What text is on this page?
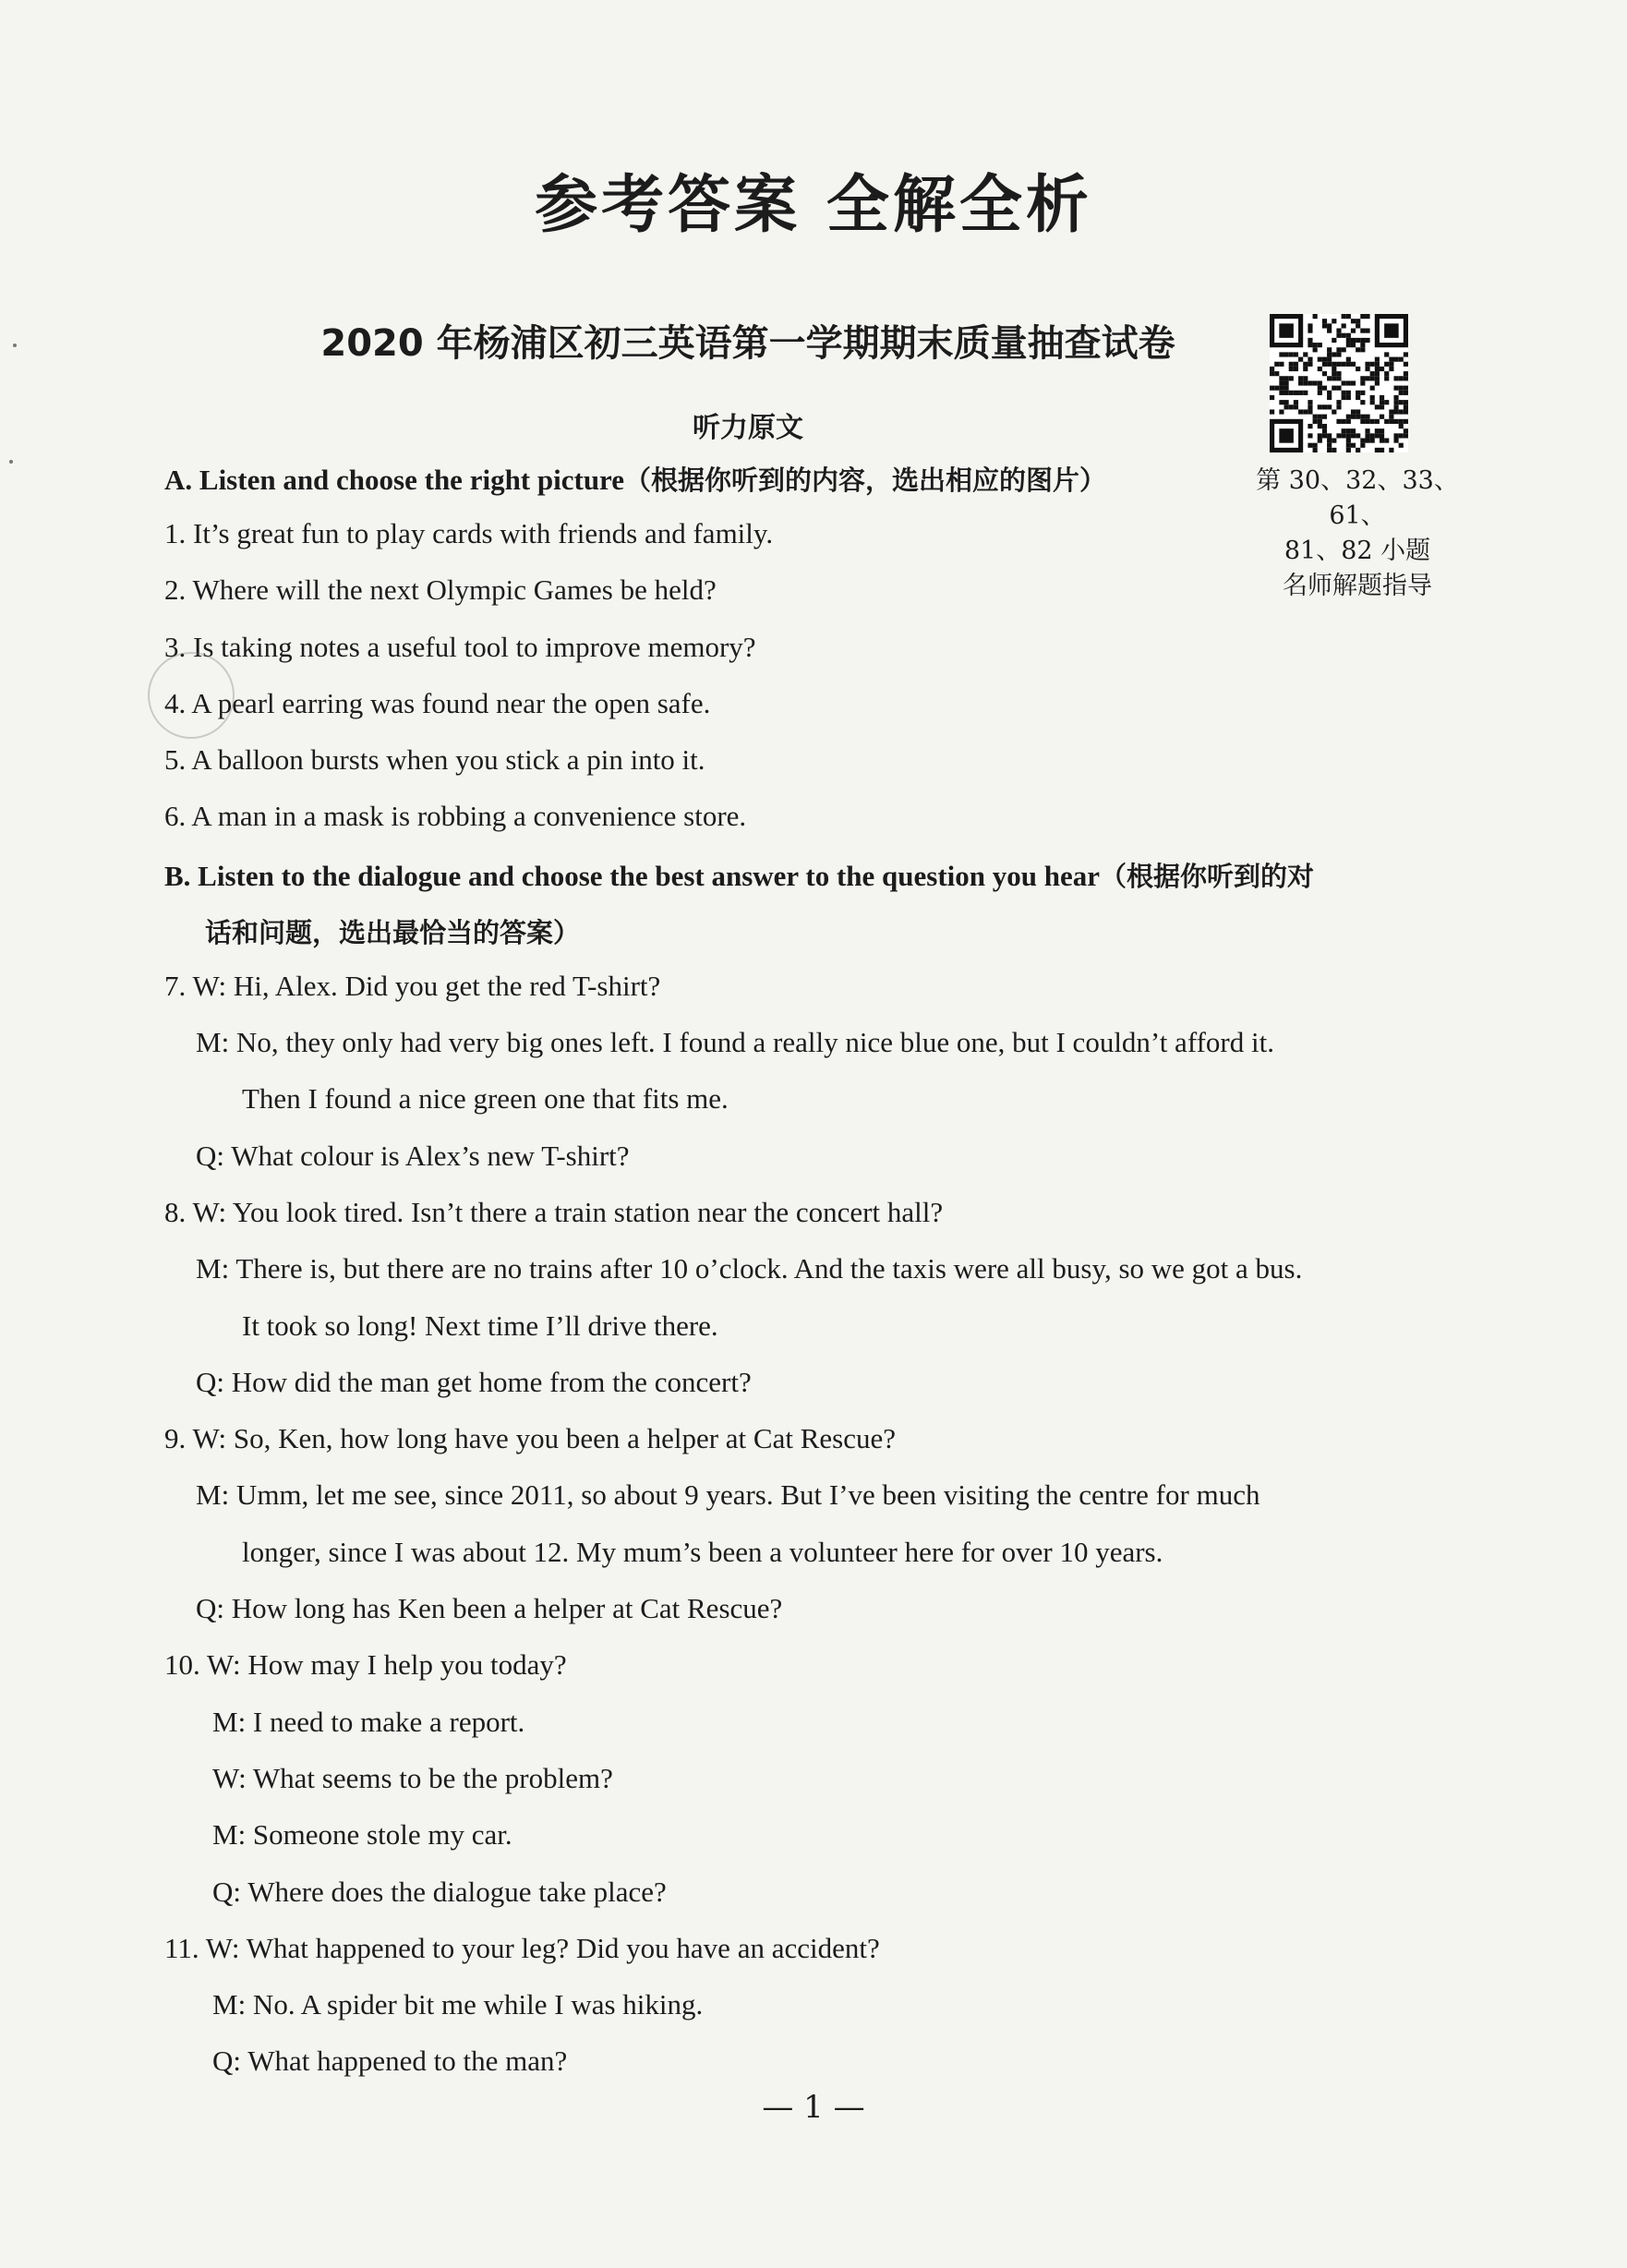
参考答案 全解全析
2020 年杨浦区初三英语第一学期期末质量抽查试卷
听力原文
第 30、32、33、61、
81、82 小题
名师解题指导
A. Listen and choose the right picture（根据你听到的内容，选出相应的图片）
1. It’s great fun to play cards with friends and family.
2. Where will the next Olympic Games be held?
3. Is taking notes a useful tool to improve memory?
4. A pearl earring was found near the open safe.
5. A balloon bursts when you stick a pin into it.
6. A man in a mask is robbing a convenience store.
B. Listen to the dialogue and choose the best answer to the question you hear（根据你听到的对
话和问题，选出最恰当的答案）
7. W: Hi, Alex. Did you get the red T-shirt?
M: No, they only had very big ones left. I found a really nice blue one, but I couldn’t afford it.
Then I found a nice green one that fits me.
Q: What colour is Alex’s new T-shirt?
8. W: You look tired. Isn’t there a train station near the concert hall?
M: There is, but there are no trains after 10 o’clock. And the taxis were all busy, so we got a bus.
It took so long! Next time I’ll drive there.
Q: How did the man get home from the concert?
9. W: So, Ken, how long have you been a helper at Cat Rescue?
M: Umm, let me see, since 2011, so about 9 years. But I’ve been visiting the centre for much
longer, since I was about 12. My mum’s been a volunteer here for over 10 years.
Q: How long has Ken been a helper at Cat Rescue?
10. W: How may I help you today?
M: I need to make a report.
W: What seems to be the problem?
M: Someone stole my car.
Q: Where does the dialogue take place?
11. W: What happened to your leg? Did you have an accident?
M: No. A spider bit me while I was hiking.
Q: What happened to the man?
— 1 —
